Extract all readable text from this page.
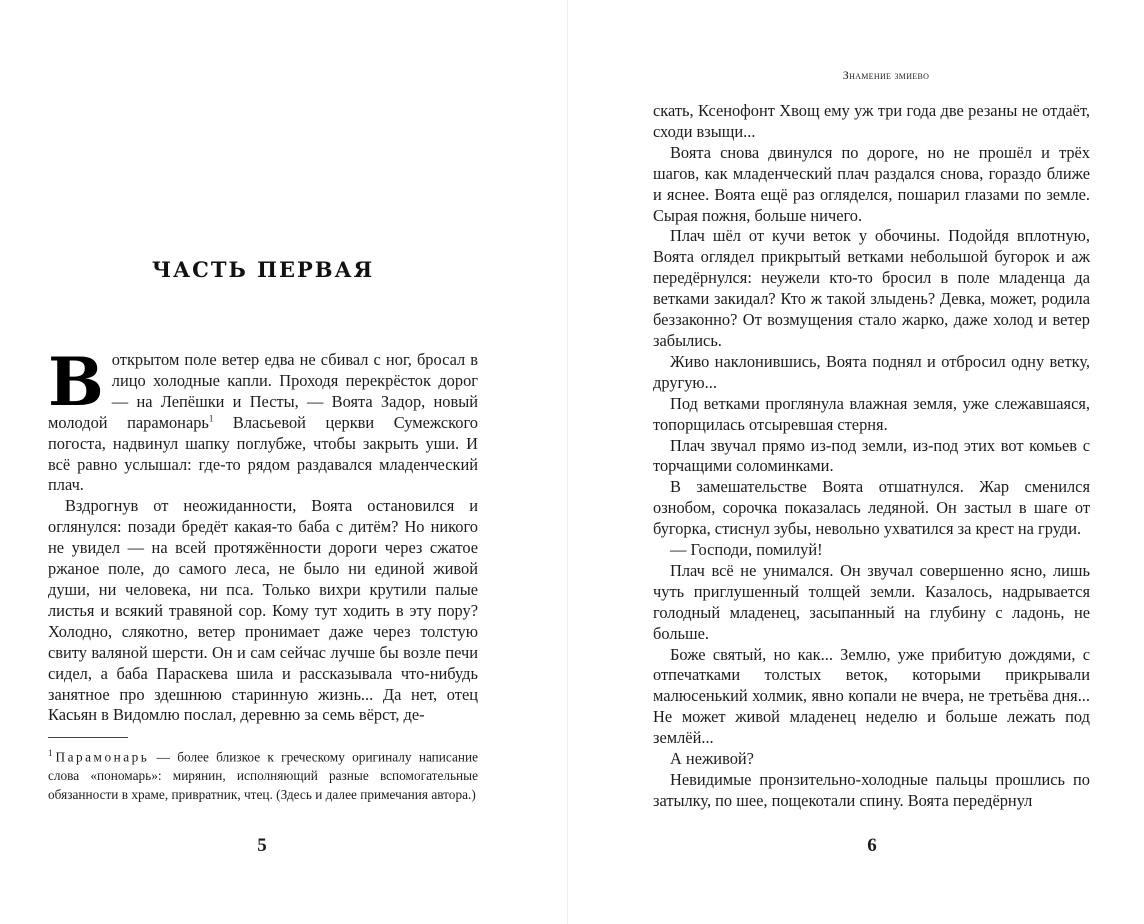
ЧАСТЬ ПЕРВАЯ

В открытом поле ветер едва не сбивал с ног, бросал в лицо холодные капли. Проходя перекрёсток дорог — на Лепёшки и Песты, — Воята Задор, новый молодой парамонарь$^1$ Власьевой церкви Сумежского погоста, надвинул шапку поглубже, чтобы закрыть уши. И всё равно услышал: где-то рядом раздавался младенческий плач.

Вздрогнув от неожиданности, Воята остановился и оглянулся: позади бредёт какая-то баба с дитём? Но никого не увидел — на всей протяжённости дороги через сжатое ржаное поле, до самого леса, не было ни единой живой души, ни человека, ни пса. Только вихри крутили палые листья и всякий травяной сор. Кому тут ходить в эту пору? Холодно, слякотно, ветер пронимает даже через толстую свиту валяной шерсти. Он и сам сейчас лучше бы возле печи сидел, а баба Параскева шила и рассказывала что-нибудь занятное про здешнюю старинную жизнь... Да нет, отец Касьян в Видомлю послал, деревню за семь вёрст, де-

$^1$ Парамонарь — более близкое к греческому оригиналу написание слова «пономарь»: мирянин, исполняющий разные вспомогательные обязанности в храме, привратник, чтец. (Здесь и далее примечания автора.)
5
Знамение змиево

скать, Ксенофонт Хвощ ему уж три года две резаны не отдаёт, сходи взыщи...

Воята снова двинулся по дороге, но не прошёл и трёх шагов, как младенческий плач раздался снова, гораздо ближе и яснее. Воята ещё раз огляделся, пошарил глазами по земле. Сырая пожня, больше ничего.

Плач шёл от кучи веток у обочины. Подойдя вплотную, Воята оглядел прикрытый ветками небольшой бугорок и аж передёрнулся: неужели кто-то бросил в поле младенца да ветками закидал? Кто ж такой злыдень? Девка, может, родила беззаконно? От возмущения стало жарко, даже холод и ветер забылись.

Живо наклонившись, Воята поднял и отбросил одну ветку, другую...

Под ветками проглянула влажная земля, уже слежавшаяся, топорщилась отсыревшая стерня.

Плач звучал прямо из-под земли, из-под этих вот комьев с торчащими соломинками.

В замешательстве Воята отшатнулся. Жар сменился ознобом, сорочка показалась ледяной. Он застыл в шаге от бугорка, стиснул зубы, невольно ухватился за крест на груди.

— Господи, помилуй!

Плач всё не унимался. Он звучал совершенно ясно, лишь чуть приглушенный толщей земли. Казалось, надрывается голодный младенец, засыпанный на глубину с ладонь, не больше.

Боже святый, но как... Землю, уже прибитую дождями, с отпечатками толстых веток, которыми прикрывали малюсенький холмик, явно копали не вчера, не третьёва дня... Не может живой младенец неделю и больше лежать под землёй...

А неживой?

Невидимые пронзительно-холодные пальцы прошлись по затылку, по шее, пощекотали спину. Воята передёрнул

6
